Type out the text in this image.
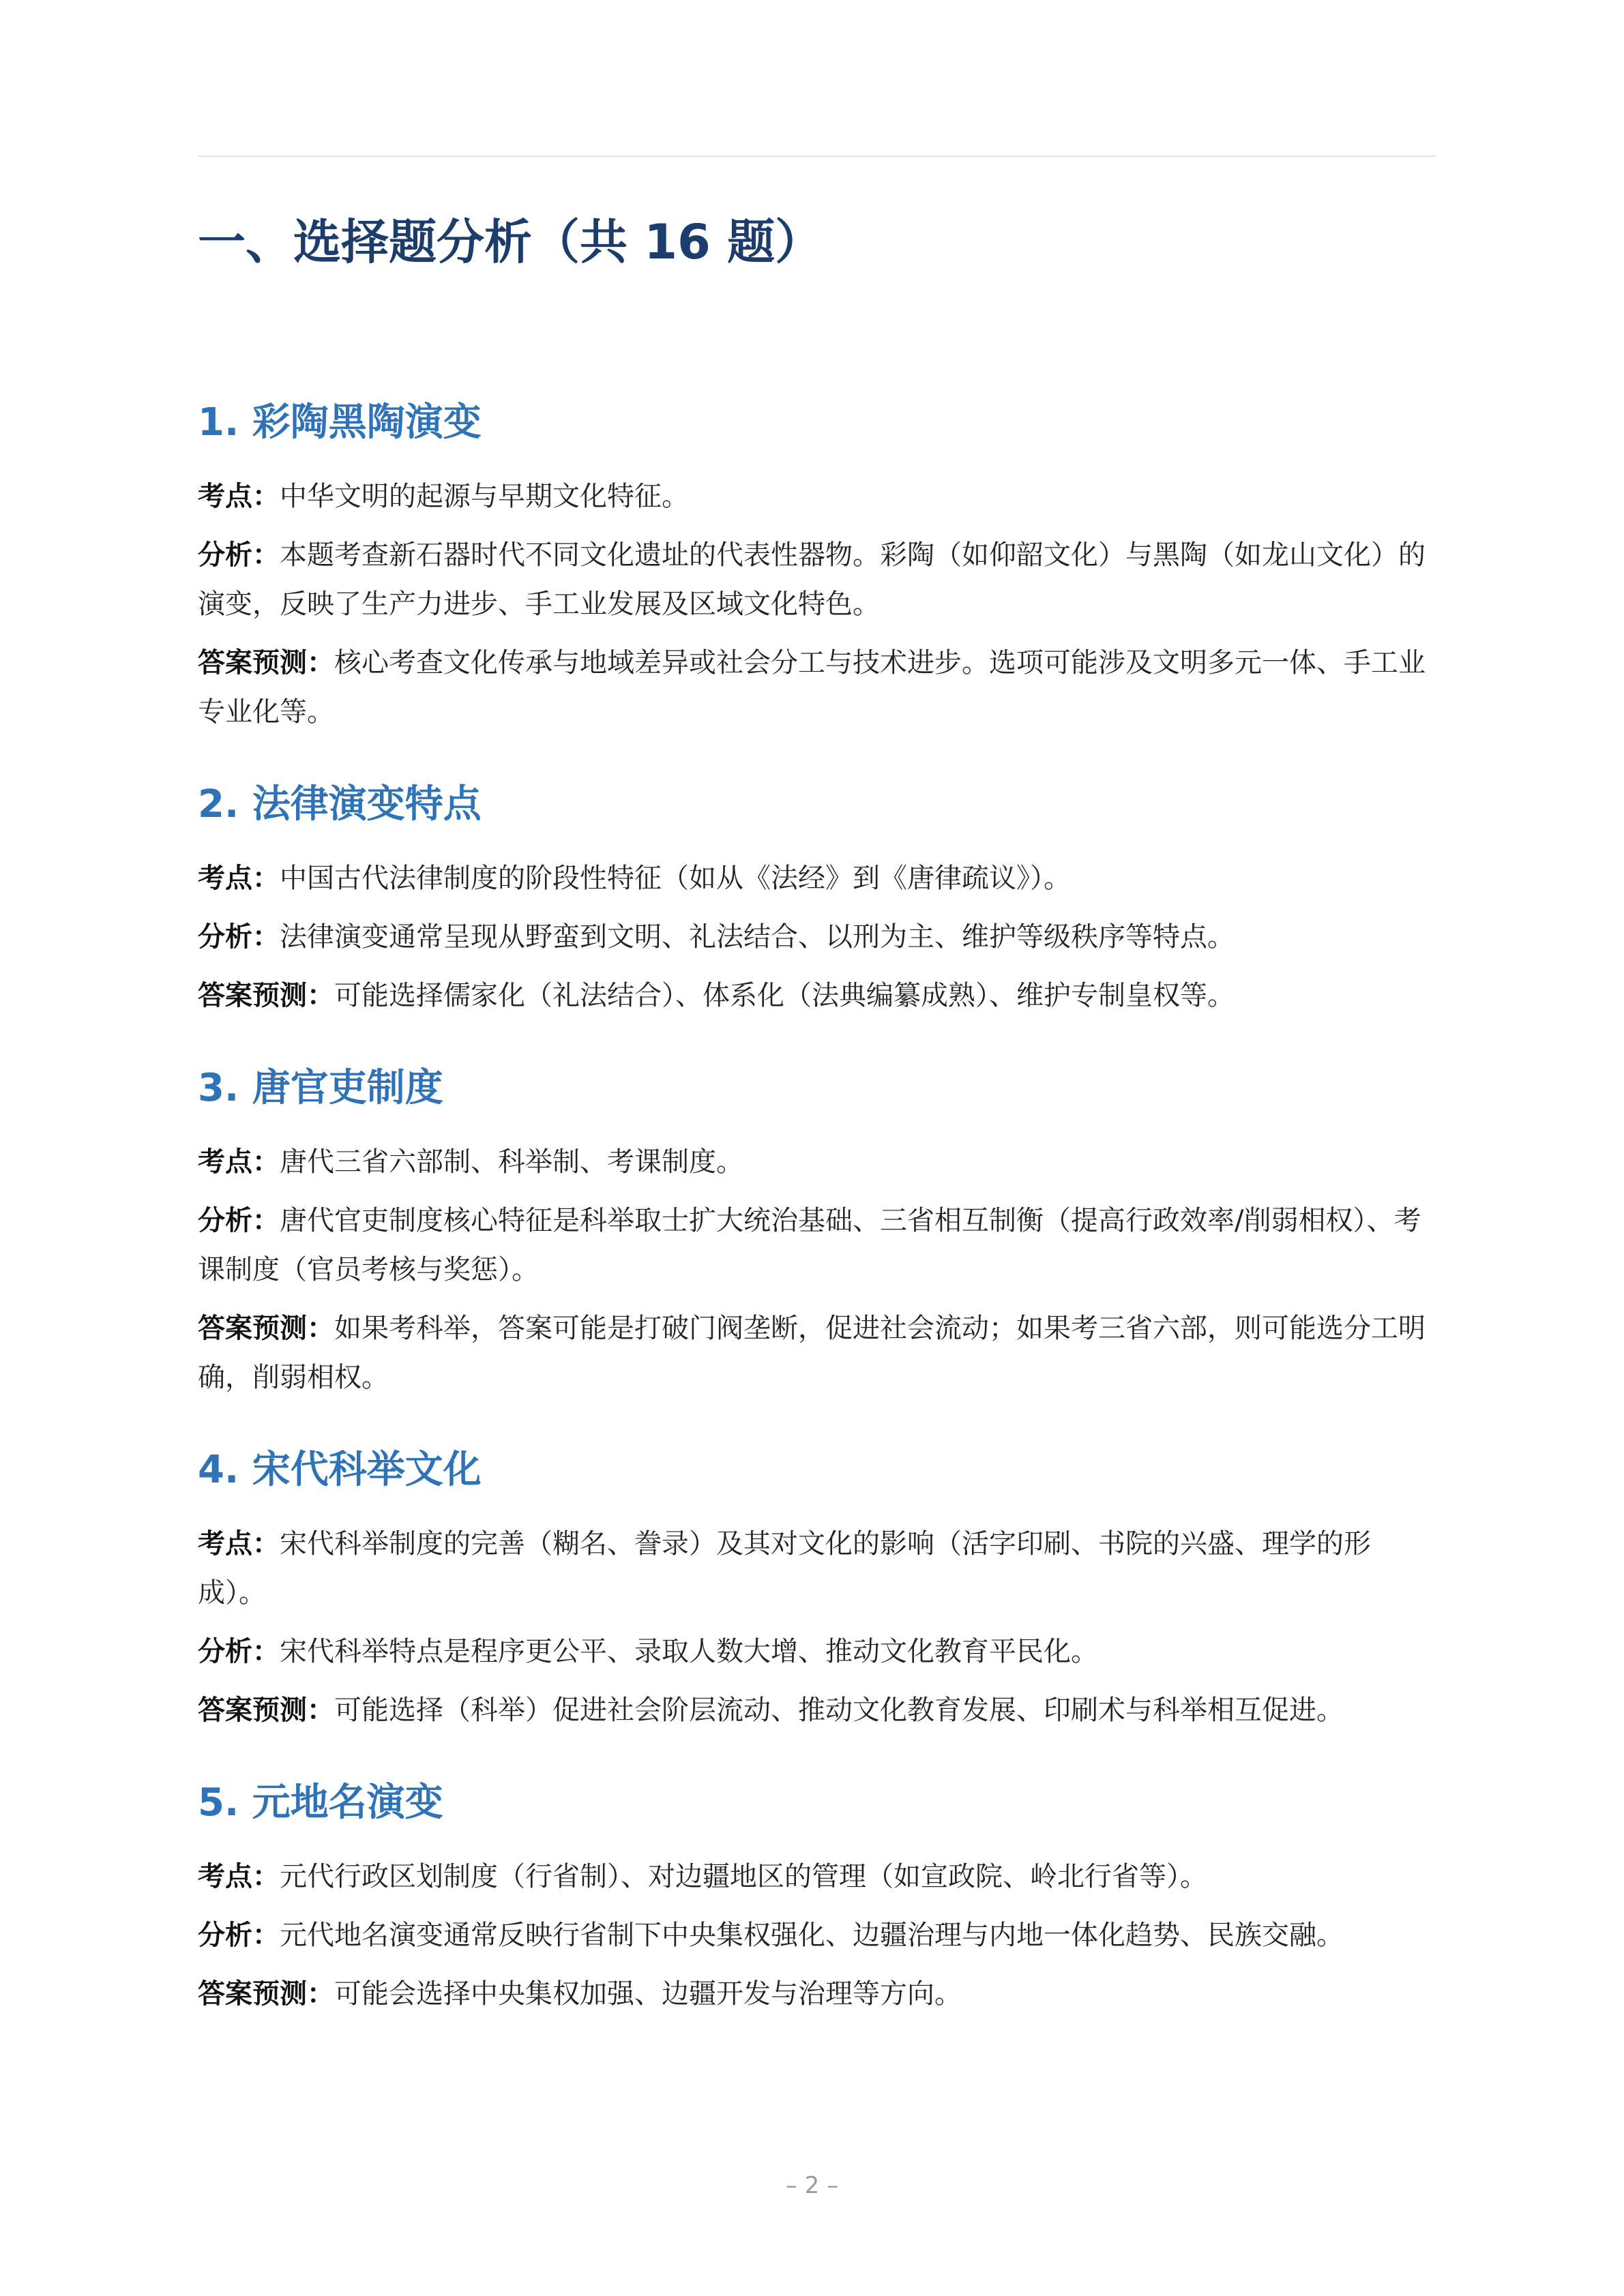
一、选择题分析（共 16 题）
1. 彩陶黑陶演变

考点：中华文明的起源与早期文化特征。

分析：本题考查新石器时代不同文化遗址的代表性器物。彩陶（如仰韶文化）与黑陶（如龙山文化）的演变，反映了生产力进步、手工业发展及区域文化特色。

答案预测：核心考查文化传承与地域差异或社会分工与技术进步。选项可能涉及文明多元一体、手工业专业化等。

2. 法律演变特点

考点：中国古代法律制度的阶段性特征（如从《法经》到《唐律疏议》）。

分析：法律演变通常呈现从野蛮到文明、礼法结合、以刑为主、维护等级秩序等特点。

答案预测：可能选择儒家化（礼法结合）、体系化（法典编纂成熟）、维护专制皇权等。

3. 唐官吏制度

考点：唐代三省六部制、科举制、考课制度。

分析：唐代官吏制度核心特征是科举取士扩大统治基础、三省相互制衡（提高行政效率/削弱相权）、考课制度（官员考核与奖惩）。

答案预测：如果考科举，答案可能是打破门阀垄断，促进社会流动；如果考三省六部，则可能选分工明确，削弱相权。

4. 宋代科举文化

考点：宋代科举制度的完善（糊名、誊录）及其对文化的影响（活字印刷、书院的兴盛、理学的形成）。

分析：宋代科举特点是程序更公平、录取人数大增、推动文化教育平民化。

答案预测：可能选择（科举）促进社会阶层流动、推动文化教育发展、印刷术与科举相互促进。

5. 元地名演变

考点：元代行政区划制度（行省制）、对边疆地区的管理（如宣政院、岭北行省等）。

分析：元代地名演变通常反映行省制下中央集权强化、边疆治理与内地一体化趋势、民族交融。

答案预测：可能会选择中央集权加强、边疆开发与治理等方向。

– 2 –
